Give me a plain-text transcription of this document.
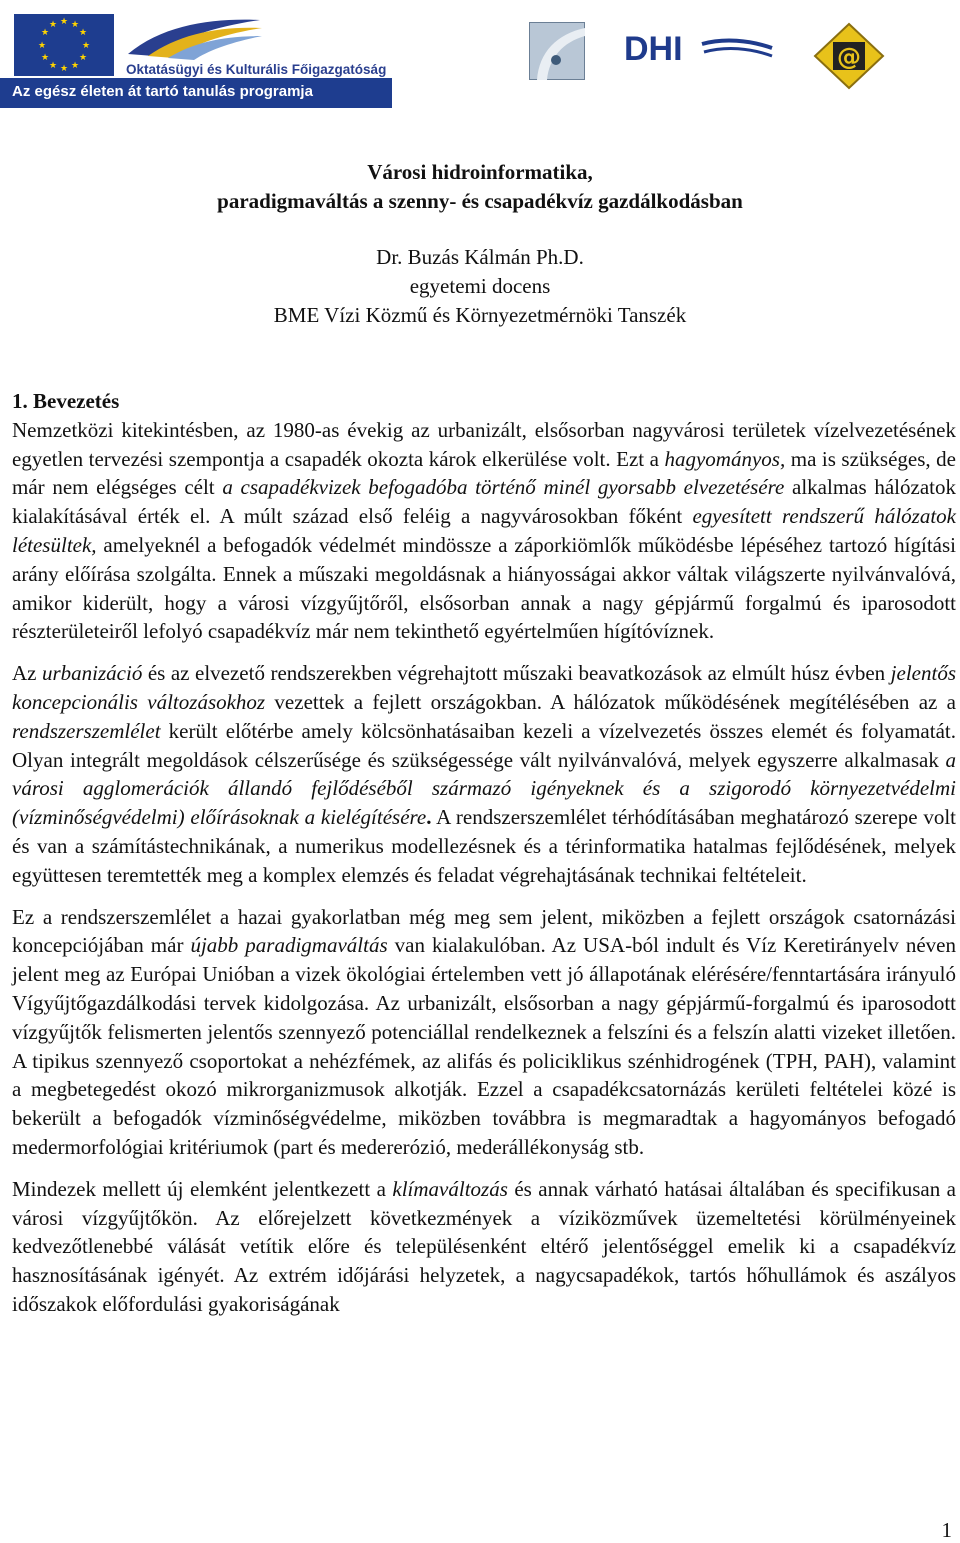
★ ★
★
★
★
★
★
★
★
★
★
★
Oktatásügyi és Kulturális Főigazgatóság
Az egész életen át tartó tanulás programja
DHI	@
Városi hidroinformatika,
paradigmaváltás a szenny- és csapadékvíz gazdálkodásban
Dr. Buzás Kálmán Ph.D.
egyetemi docens
BME Vízi Közmű és Környezetmérnöki Tanszék
1. Bevezetés

Nemzetközi kitekintésben, az 1980-as évekig az urbanizált, elsősorban nagyvárosi területek vízelvezetésének egyetlen tervezési szempontja a csapadék okozta károk elkerülése volt. Ezt a hagyományos, ma is szükséges, de már nem elégséges célt a csapadékvizek befogadóba történő minél gyorsabb elvezetésére alkalmas hálózatok kialakításával érték el. A múlt század első feléig a nagyvárosokban főként egyesített rendszerű hálózatok létesültek, amelyeknél a befogadók védelmét mindössze a záporkiömlők működésbe lépéséhez tartozó hígítási arány előírása szolgálta. Ennek a műszaki megoldásnak a hiányosságai akkor váltak világszerte nyilvánvalóvá, amikor kiderült, hogy a városi vízgyűjtőről, elsősorban annak a nagy gépjármű forgalmú és iparosodott részterületeiről lefolyó csapadékvíz már nem tekinthető egyértelműen hígítóvíznek.

Az urbanizáció és az elvezető rendszerekben végrehajtott műszaki beavatkozások az elmúlt húsz évben jelentős koncepcionális változásokhoz vezettek a fejlett országokban. A hálózatok működésének megítélésében az a rendszerszemlélet került előtérbe amely kölcsönhatásaiban kezeli a vízelvezetés összes elemét és folyamatát. Olyan integrált megoldások célszerűsége és szükségessége vált nyilvánvalóvá, melyek egyszerre alkalmasak a városi agglomerációk állandó fejlődéséből származó igényeknek és a szigorodó környezetvédelmi (vízminőségvédelmi) előírásoknak a kielégítésére. A rendszerszemlélet térhódításában meghatározó szerepe volt és van a számítástechnikának, a numerikus modellezésnek és a térinformatika hatalmas fejlődésének, melyek együttesen teremtették meg a komplex elemzés és feladat végrehajtásának technikai feltételeit.

Ez a rendszerszemlélet a hazai gyakorlatban még meg sem jelent, miközben a fejlett országok csatornázási koncepciójában már újabb paradigmaváltás van kialakulóban. Az USA-ból indult és Víz Keretirányelv néven jelent meg az Európai Unióban a vizek ökológiai értelemben vett jó állapotának elérésére/fenntartására irányuló Vígyűjtőgazdálkodási tervek kidolgozása. Az urbanizált, elsősorban a nagy gépjármű-forgalmú és iparosodott vízgyűjtők felismerten jelentős szennyező potenciállal rendelkeznek a felszíni és a felszín alatti vizeket illetően. A tipikus szennyező csoportokat a nehézfémek, az alifás és policiklikus szénhidrogének (TPH, PAH), valamint a megbetegedést okozó mikrorganizmusok alkotják. Ezzel a csapadékcsatornázás kerületi feltételei közé is bekerült a befogadók vízminőségvédelme, miközben továbbra is megmaradtak a hagyományos befogadó medermorfológiai kritériumok (part és medererózió, mederállékonyság stb.

Mindezek mellett új elemként jelentkezett a klímaváltozás és annak várható hatásai általában és specifikusan a városi vízgyűjtőkön. Az előrejelzett következmények a víziközművek üzemeltetési körülményeinek kedvezőtlenebbé válását vetítik előre és településenként eltérő jelentőséggel emelik ki a csapadékvíz hasznosításának igényét. Az extrém időjárási helyzetek, a nagycsapadékok, tartós hőhullámok és aszályos időszakok előfordulási gyakoriságának

1
